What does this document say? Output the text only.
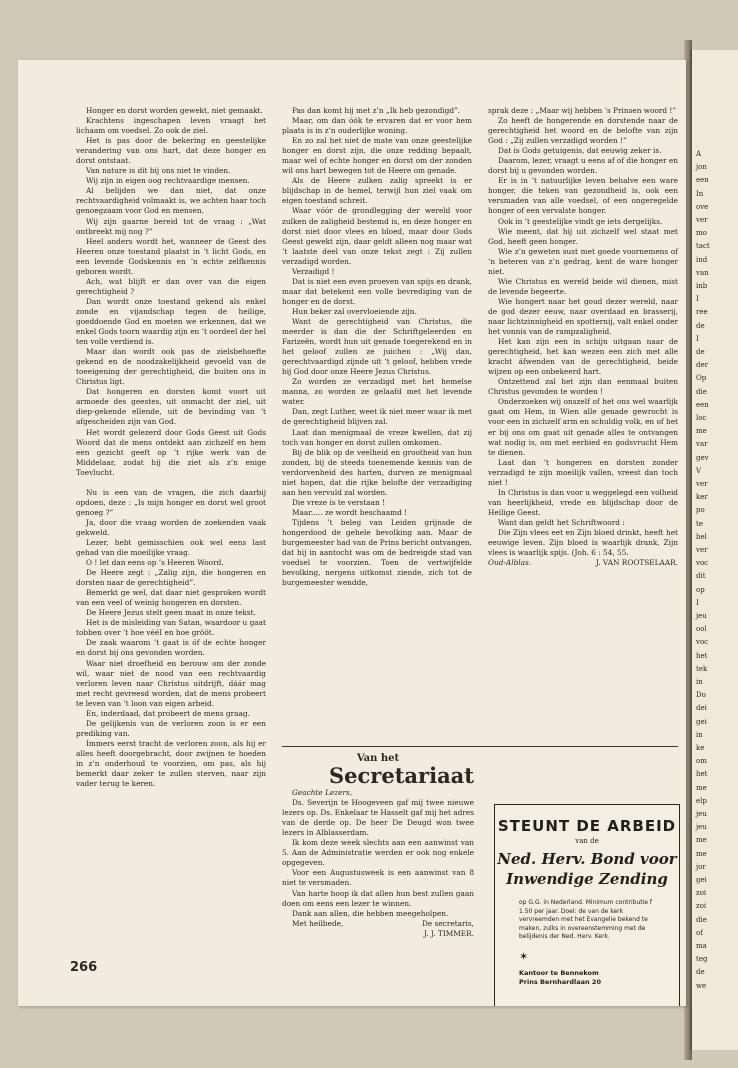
A
jon
een
In
ove
ver
mo
tact
ind
van
inb
I
ree
de
I
de
der
Op
die
een
loc
me
var
gev
V
ver
ker
po
te
bel
ver
voc
dit
op
I
jeu
ool
voc
het
tek
in
Do
dei
gei
in
ke
om
het
me
elp
jeu
jeu
me
me
jor
gei
zoi
zoi
die
of
ma
teg
de
we

Honger en dorst worden gewekt, niet gemaakt.

Krachtens ingeschapen leven vraagt het lichaam om voedsel. Zo ook de ziel.

Het is pas door de bekering en geestelijke verandering van ons hart, dat deze honger en dorst ontstaat.

Van nature is dit bij ons niet te vinden.

Wij zijn in eigen oog rechtvaardige mensen.

Al belijden we dan niet, dat onze rechtvaardigheid volmaakt is, we achten haar toch genoegzaam voor God en mensen.

Wij zijn gaarne bereid tot de vraag : „Wat ontbreekt mij nog ?”

Heel anders wordt het, wanneer de Geest des Heeren onze toestand plaatst in ’t licht Gods, en een levende Godskennis en ’n echte zelfkennis geboren wordt.

Ach, wat blijft er dan over van die eigen gerechtigheid ?

Dan wordt onze toestand gekend als enkel zonde en vijandschap tegen de heilige, goeddoende God en moeten we erkennen, dat we enkel Gods toorn waardig zijn en ’t oordeel der hel ten volle verdiend is.

Maar dan wordt ook pas de zielsbehoefte gekend en de noodzakelijkheid gevoeld van de toeeigening der gerechtigheid, die buiten ons in Christus ligt.

Dat hongeren en dorsten komt voort uit armoede des geestes, uit onmacht der ziel, uit diep-gekende ellende, uit de bevinding van ’t afgescheiden zijn van God.

Het wordt gelezerd door Gods Geest uit Gods Woord dat de mens ontdekt aan zichzelf en hem een gezicht geeft op ’t rijke werk van de Middelaar, zodat hij die ziet als z’n enige Toevlucht.

Nu is een van de vragen, die zich daarbij opdoen, deze : „Is mijn honger en dorst wel groot genoeg ?”

Ja, door die vraag worden de zoekenden vaak gekweld.

Lezer, hebt gemisschien ook wel eens last gehad van die moeilijke vraag.

O ! let dan eens op ’s Heeren Woord.

De Heere zegt : „Zalig zijn, die hongeren en dorsten naar de gerechtigheid”.

Bemerkt ge wel, dat daar niet gesproken wordt van een veel of weinig hongeren en dorsten.

De Heere Jezus stelt geen maat in onze tekst.

Het is de misleiding van Satan, waardoor u gaat tobben over ’t hoe vééI en hoe grööt.

De zaak waarom ’t gaat is óf de echte honger en dorst bij ons gevonden worden.

Waar niet droefheid en berouw om der zonde wil, waar niet de nood van een rechtvaardig verloren leven naar Christus uitdrijft, dáár mag met recht gevreesd worden, dat de mens probeert te leven van ’t loon van eigen arbeid.

En, inderdaad, dat probeert de mens graag.

De gelijkenis van de verloren zoon is er een prediking van.

Immers eerst tracht de verloren zoon, als hij er alles heeft doorgebracht, door zwijnen te hoeden in z’n onderhoud te voorzien, om pas, als hij bemerkt daar zeker te zullen sterven, naar zijn vader terug te keren.

Pas dan komt hij met z’n „Ik heb gezondigd”.

Maar, om dan óók te ervaren dat er voor hem plaats is in z’n ouderlijke woning.

En zo zal het niet de mate van onze geestelijke honger en dorst zijn, die onze redding bepaalt, maar wel of echte honger en dorst om der zonden wil ons hart bewegen tot de Heere om genade.

Als de Heere zulken zalig spreekt is er blijdschap in de hemel, terwijl hun ziel vaak om eigen toestand schreit.

Waar vóór de grondlegging der wereld voor zulken de zaligheid bestemd is, en deze honger en dorst niet door vlees en bloed, maar door Gods Geest gewekt zijn, daar geldt alleen nog maar wat ’t laatste deel van onze tekst zegt : Zij zullen verzadigd worden.

Verzadigd !

Dat is niet een even proeven van spijs en drank, maar dat betekent een volle bevrediging van de honger en de dorst.

Hun beker zal overvloeiende zijn.

Want de gerechtigheid van Christus, die meerder is dan die der Schriftgeleerden en Farizeën, wordt hun uit genade toegerekend en in het geloof zullen ze juichen : „Wij dan, gerechtvaardigd zijnde uit ’t geloof, hebben vrede bij God door onze Heere Jezus Christus.

Zo worden ze verzadigd met het hemelse manna, zo worden ze gelaafd met het levende water.

Dan, zegt Luther, weet ik niet meer waar ik met de gerechtigheid blijven zal.

Laat dan menigmaal de vreze kwellen, dat zij toch van honger en dorst zullen omkomen.

Bij de blik op de veelheid en grootheid van hun zonden, bij de steeds toenemende kennis van de verdorvenheid des harten, durven ze menigmaal niet hopen, dat die rijke belofte der verzadiging aan hen vervuld zal worden.

Die vreze is te verstaan !

Maar..... ze wordt beschaamd !

Tijdens ’t beleg van Leiden grijnsde de hongerdood de gehele bevolking aan. Maar de burgemeester had van de Prins bericht ontvangen, dat hij in aantocht was om de bedreigde stad van voedsel te voorzien. Toen de vertwijfelde bevolking, nergens uitkomst ziende, zich tot de burgemeester wendde,

sprak deze : „Maar wij hebben ’s Prinsen woord !”

Zo heeft de hongerende en dorstende naar de gerechtigheid het woord en de belofte van zijn God : „Zij zullen verzadigd worden !”

Dat is Gods getuigenis, dat eeuwig zeker is.

Daarom, lezer, vraagt u eens af of die honger en dorst bij u gevonden worden.

Er is in ’t natuurlijke leven behalve een ware honger, die teken van gezondheid is, ook een versmaden van alle voedsel, of een ongeregelde honger of een vervalste honger.

Ook in ’t geestelijke vindt ge iets dergelijks.

Wie meent, dat hij uit zichzelf wel staat met God, heeft geen honger.

Wie z’n geweten sust met goede voornemens of ’n beteren van z’n gedrag, kent de ware honger niet.

Wie Christus en wereld beide wil dienen, mist de levende begeerte.

Wie hongert naar het goud dezer wereld, naar de god dezer eeuw, naar overdaad en brasserij, naar lichtzinnigheid en spotternij, valt enkel onder het vonnis van de rampzaligheid.

Het kan zijn een in schijn uitgaan naar de gerechtigheid, het kan wezen een zich met alle kracht áfwenden van de gerechtigheid, beide wijzen op een onbekeerd hart.

Ontzettend zal het zijn dan eenmaal buiten Christus gevonden te worden !

Onderzoeken wij onszelf of het ons wel waarlijk gaat om Hem, in Wien alle genade gewrocht is voor een in zichzelf arm en schuldig volk, en of het er bij ons om gaat uit genade alles te ontvangen wat nodig is, om met eerbied en godsvrucht Hem te dienen.

Laat dan ’t hongeren en dorsten zonder verzadigd te zijn moeilijk vallen, vreest dan toch niet !

In Christus is dan voor u weggelegd een volheid van heerlijkheid, vrede en blijdschap door de Heilige Geest.

Want dan geldt het Schriftwoord :

Die Zijn vlees eet en Zijn bloed drinkt, heeft het eeuwige leven. Zijn bloed is waarlijk drank, Zijn vlees is waarlijk spijs. (Joh. 6 : 54, 55.

Oud-Alblas.	J. VAN ROOTSELAAR.

Van het

Secretariaat

Geachte Lezers,

Ds. Severijn te Hoogeveen gaf mij twee nieuwe lezers op. Ds. Enkelaar te Hasselt gaf mij het adres van de derde op. De heer De Deugd won twee lezers in Alblasserdam.

Ik kom deze week slechts aan een aanwinst van 5. Aan de Administratie werden er ook nog enkele opgegeven.

Voor een Augustusweek is een aanwinst van 8 niet te versmaden.

Van harte hoop ik dat allen hun best zullen gaan doen om eens een lezer te winnen.

Dank aan allen, die hebben meegeholpen.

Met heilbede,	De secretaris,

J. J. TIMMER.

STEUNT DE ARBEID
van de
Ned. Herv. Bond voor
Inwendige Zending
op G.G. in Nederland. Minimum contributie f 1.50 per jaar. Doel: de van de kerk vervreemden met het Evangelie bekend te maken, zulks in overeenstemming met de belijdenis der Ned. Herv. Kerk.
✶
Kantoor te Bennekom
Prins Bernhardlaan 20
266
